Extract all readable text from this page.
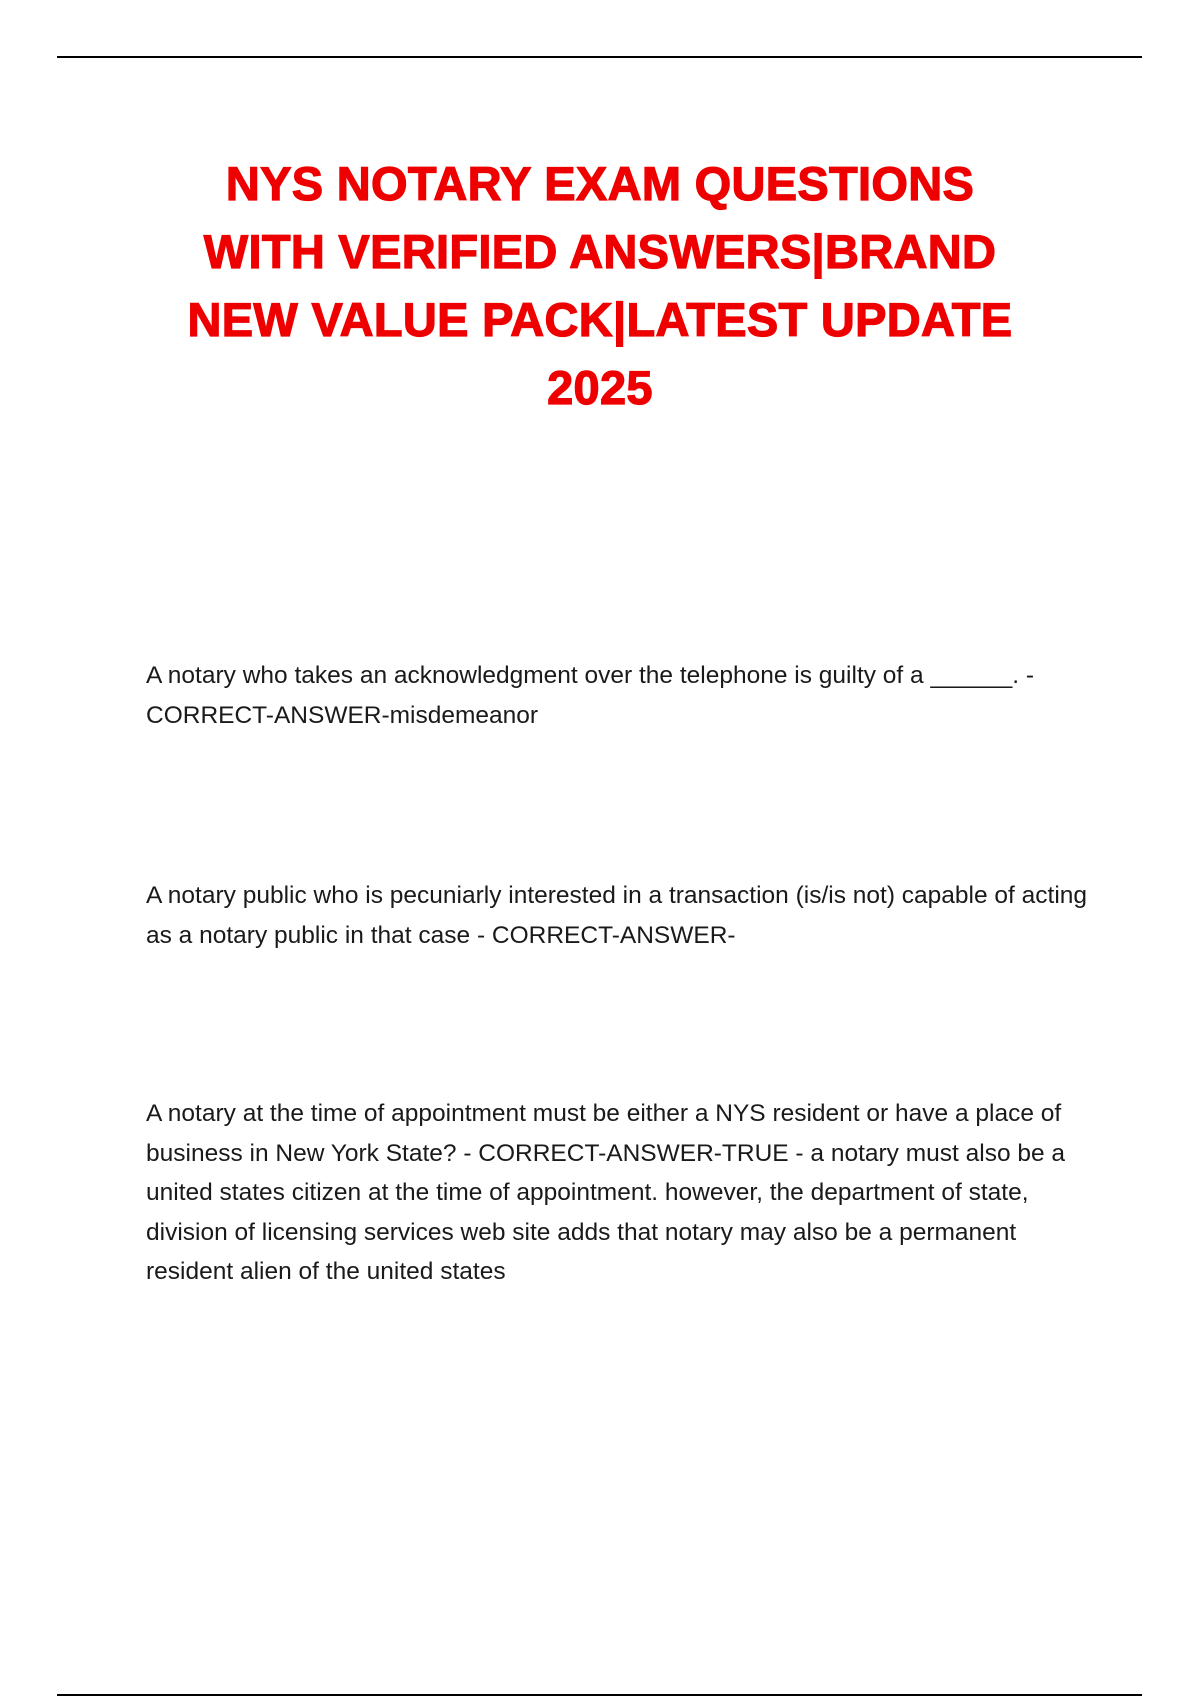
NYS NOTARY EXAM QUESTIONS
WITH VERIFIED ANSWERS|BRAND
NEW VALUE PACK|LATEST UPDATE
2025

A notary who takes an acknowledgment over the telephone is guilty of a ______. - CORRECT-ANSWER-misdemeanor

A notary public who is pecuniarly interested in a transaction (is/is not) capable of acting as a notary public in that case - CORRECT-ANSWER-

A notary at the time of appointment must be either a NYS resident or have a place of business in New York State? - CORRECT-ANSWER-TRUE - a notary must also be a united states citizen at the time of appointment. however, the department of state, division of licensing services web site adds that notary may also be a permanent resident alien of the united states
